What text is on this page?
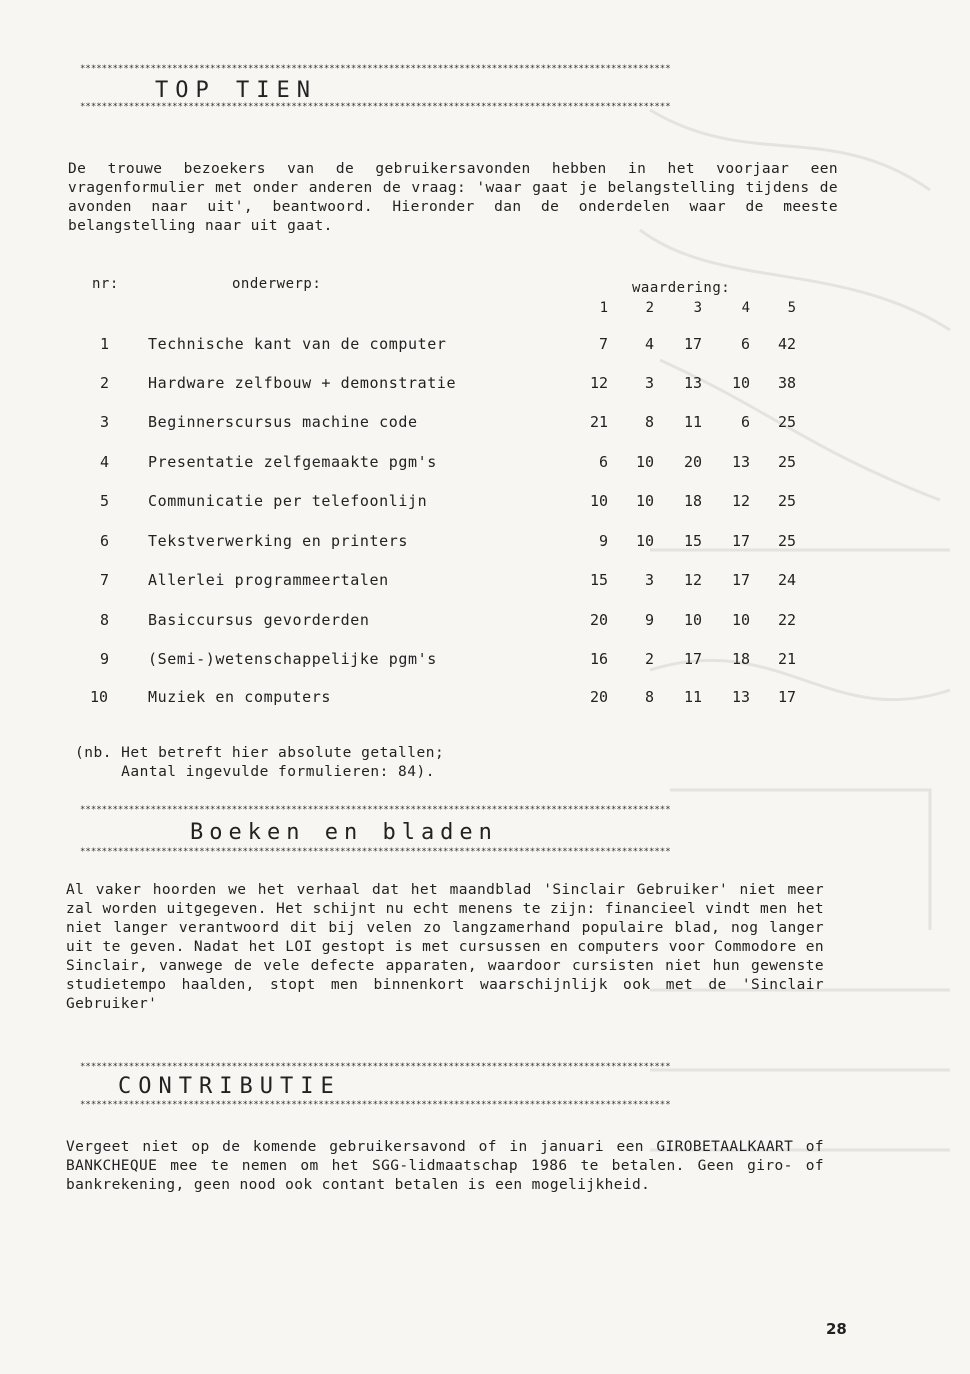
*************************************************************************************************************
TOP TIEN
*************************************************************************************************************

De trouwe bezoekers van de gebruikersavonden hebben in het voorjaar een vragenformulier met onder anderen de vraag: 'waar gaat je belangstelling tijdens de avonden naar uit', beantwoord. Hieronder dan de onderdelen waar de meeste belangstelling naar uit gaat.

nr:	onderwerp:	waardering:
1	2	3	4	5
1	Technische kant van de computer	7	4	17	6	42
2	Hardware zelfbouw + demonstratie	12	3	13	10	38
3	Beginnerscursus machine code	21	8	11	6	25
4	Presentatie zelfgemaakte pgm's	6	10	20	13	25
5	Communicatie per telefoonlijn	10	10	18	12	25
6	Tekstverwerking en printers	9	10	15	17	25
7	Allerlei programmeertalen	15	3	12	17	24
8	Basiccursus gevorderden	20	9	10	10	22
9	(Semi-)wetenschappelijke pgm's	16	2	17	18	21
10	Muziek en computers	20	8	11	13	17
(nb. Het betreft hier absolute getallen;
Aantal ingevulde formulieren: 84).
*************************************************************************************************************
Boeken en bladen
*************************************************************************************************************

Al vaker hoorden we het verhaal dat het maandblad 'Sinclair Gebruiker' niet meer zal worden uitgegeven. Het schijnt nu echt menens te zijn: financieel vindt men het niet langer verantwoord dit bij velen zo langzamerhand populaire blad, nog langer uit te geven. Nadat het LOI gestopt is met cursussen en computers voor Commodore en Sinclair, vanwege de vele defecte apparaten, waardoor cursisten niet hun gewenste studietempo haalden, stopt men binnenkort waarschijnlijk ook met de 'Sinclair Gebruiker'

*************************************************************************************************************
CONTRIBUTIE
*************************************************************************************************************

Vergeet niet op de komende gebruikersavond of in januari een GIROBETAALKAART of BANKCHEQUE mee te nemen om het SGG-lidmaatschap 1986 te betalen. Geen giro- of bankrekening, geen nood ook contant betalen is een mogelijkheid.

28
